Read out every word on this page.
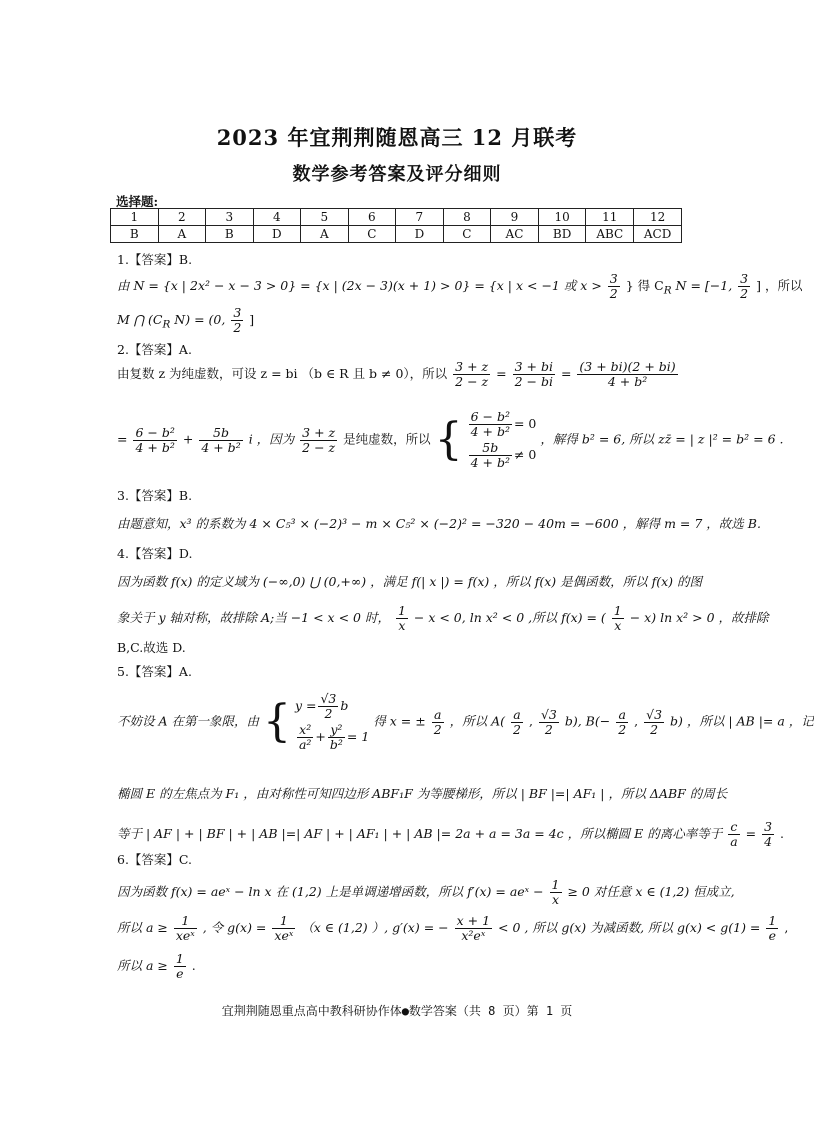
2023 年宜荆荆随恩高三 12 月联考
数学参考答案及评分细则
选择题:
1	2	3	4	5	6	7	8	9	10	11	12
B	A	B	D	A	C	D	C	AC	BD	ABC	ACD
1.【答案】B.
由 N = {x | 2x² − x − 3 > 0} = {x | (2x − 3)(x + 1) > 0} = {x | x < −1 或 $x > \frac{3}{2}$ } 得 $C_R$ N = [−1, $\frac{3}{2}$ ] ，所以
M ⋂ ($C_R$ N) = (0, $\frac{3}{2}$ ]
2.【答案】A.
由复数 z 为纯虚数，可设 z = bi （b ∈ R 且 b ≠ 0），所以 $\frac{3 + z}{2 - z} = \frac{3 + bi}{2 - bi} = \frac{(3 + bi)(2 + bi)}{\text{4 + b²}}$
= $\frac{\text{6 − b²}}{\text{4 + b²}} + \frac{5b}{\text{4 + b²}}$ i ，因为 $\frac{3 + z}{2 - z}$ 是纯虚数，所以 { $\frac{\text{6 − b²}}{\text{4 + b²}} = 0$
$\frac{5b}{\text{4 + b²}} \ne 0$
，解得 b² = 6, 所以 zz̄ = | z |² = b² = 6 .
3.【答案】B.
由题意知，x³ 的系数为 4 × C₅³ × (−2)³ − m × C₅² × (−2)² = −320 − 40m = −600 ，解得 m = 7 ，故选 B.
4.【答案】D.
因为函数 f(x) 的定义域为 (−∞,0) ⋃ (0,+∞) ，满足 f(| x |) = f(x) ，所以 f(x) 是偶函数，所以 f(x) 的图
象关于 y 轴对称，故排除 A;当 −1 < x < 0 时， $\frac{1}{x} - x < 0$, ln x² < 0 ,所以 f(x) = ( $\frac{1}{x} - x$) ln x² > 0 ，故排除
B,C.故选 D.
5.【答案】A.
不妨设 A 在第一象限，由 { $y = \frac{√3}{2}$ b
$\frac{\text{x²}}{\text{a²}} + \frac{\text{y²}}{\text{b²}} = 1$
得 x = ± $\frac{a}{2}$ ，所以 $A( \frac{a}{2}$ , $\frac{√3}{2} b$), $B(- \frac{a}{2}$ , $\frac{√3}{2} b$) ，所以 | AB |= a ，记
椭圆 E 的左焦点为 F₁ ，由对称性可知四边形 ABF₁F 为等腰梯形，所以 | BF |=| AF₁ | ，所以 ΔABF 的周长
等于 | AF | + | BF | + | AB |=| AF | + | AF₁ | + | AB |= 2a + a = 3a = 4c ，所以椭圆 E 的离心率等于 $\frac{c}{a} = \frac{3}{4}$ .
6.【答案】C.
因为函数 f(x) = aeˣ − ln x 在 (1,2) 上是单调递增函数，所以 f′(x) = aeˣ − $\frac{1}{x} \ge 0$ 对任意 x ∈ (1,2) 恒成立,
所以 $a \ge \frac{1}{\text{xeˣ}}$ , 令 $g(x) = \frac{1}{\text{xeˣ}} (x$ ∈ (1,2) ）, g′(x) = − $\frac{x + 1}{\text{x²eˣ}} < 0$ , 所以 g(x) 为减函数, 所以 $g(x) < g(1) = \frac{1}{e}$ ,
所以 $a \ge \frac{1}{e}$ .
宜荆荆随恩重点高中教科研协作体●数学答案（共 8 页）第 1 页
